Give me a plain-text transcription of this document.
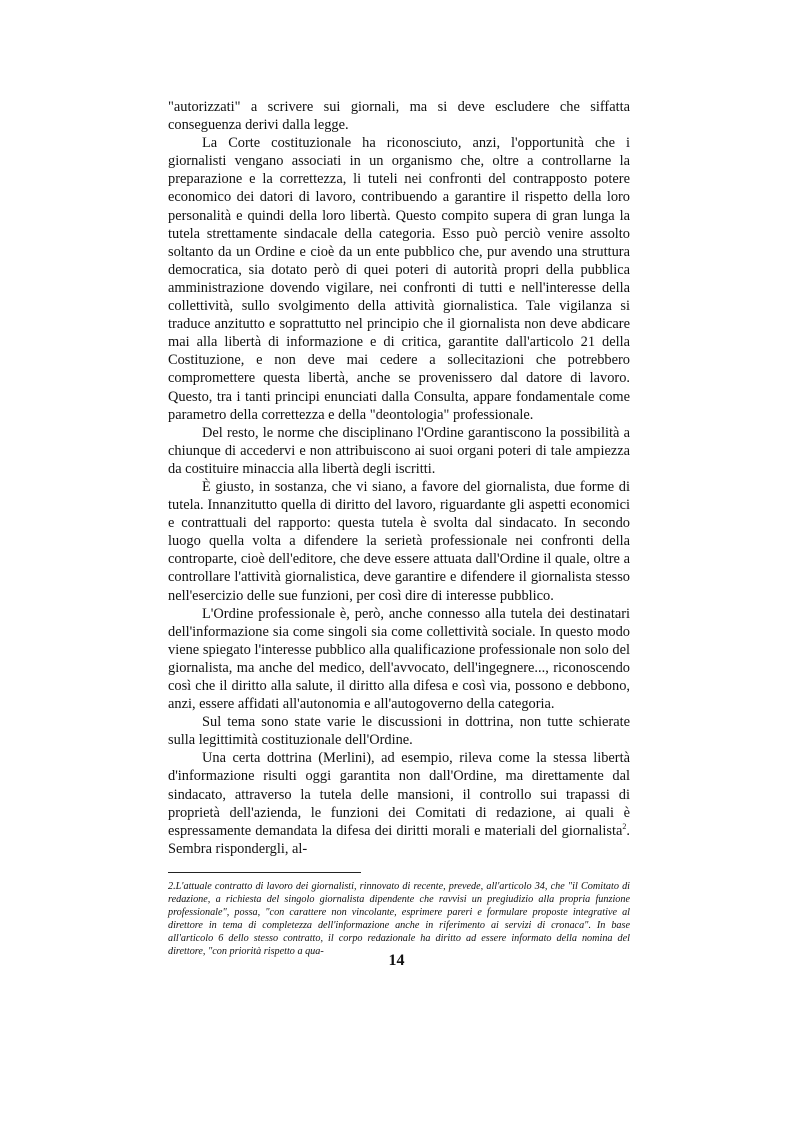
"autorizzati" a scrivere sui giornali, ma si deve escludere che siffatta conseguenza derivi dalla legge.

La Corte costituzionale ha riconosciuto, anzi, l'opportunità che i giornalisti vengano associati in un organismo che, oltre a controllarne la preparazione e la correttezza, li tuteli nei confronti del contrapposto potere economico dei datori di lavoro, contribuendo a garantire il rispetto della loro personalità e quindi della loro libertà. Questo compito supera di gran lunga la tutela strettamente sindacale della categoria. Esso può perciò venire assolto soltanto da un Ordine e cioè da un ente pubblico che, pur avendo una struttura democratica, sia dotato però di quei poteri di autorità propri della pubblica amministrazione dovendo vigilare, nei confronti di tutti e nell'interesse della collettività, sullo svolgimento della attività giornalistica. Tale vigilanza si traduce anzitutto e soprattutto nel principio che il giornalista non deve abdicare mai alla libertà di informazione e di critica, garantite dall'articolo 21 della Costituzione, e non deve mai cedere a sollecitazioni che potrebbero compromettere questa libertà, anche se provenissero dal datore di lavoro. Questo, tra i tanti principi enunciati dalla Consulta, appare fondamentale come parametro della correttezza e della "deontologia" professionale.

Del resto, le norme che disciplinano l'Ordine garantiscono la possibilità a chiunque di accedervi e non attribuiscono ai suoi organi poteri di tale ampiezza da costituire minaccia alla libertà degli iscritti.

È giusto, in sostanza, che vi siano, a favore del giornalista, due forme di tutela. Innanzitutto quella di diritto del lavoro, riguardante gli aspetti economici e contrattuali del rapporto: questa tutela è svolta dal sindacato. In secondo luogo quella volta a difendere la serietà professionale nei confronti della controparte, cioè dell'editore, che deve essere attuata dall'Ordine il quale, oltre a controllare l'attività giornalistica, deve garantire e difendere il giornalista stesso nell'esercizio delle sue funzioni, per così dire di interesse pubblico.

L'Ordine professionale è, però, anche connesso alla tutela dei destinatari dell'informazione sia come singoli sia come collettività sociale. In questo modo viene spiegato l'interesse pubblico alla qualificazione professionale non solo del giornalista, ma anche del medico, dell'avvocato, dell'ingegnere..., riconoscendo così che il diritto alla salute, il diritto alla difesa e così via, possono e debbono, anzi, essere affidati all'autonomia e all'autogoverno della categoria.

Sul tema sono state varie le discussioni in dottrina, non tutte schierate sulla legittimità costituzionale dell'Ordine.

Una certa dottrina (Merlini), ad esempio, rileva come la stessa libertà d'informazione risulti oggi garantita non dall'Ordine, ma direttamente dal sindacato, attraverso la tutela delle mansioni, il controllo sui trapassi di proprietà dell'azienda, le funzioni dei Comitati di redazione, ai quali è espressamente demandata la difesa dei diritti morali e materiali del giornalista$^2$. Sembra rispondergli, al-

2.L'attuale contratto di lavoro dei giornalisti, rinnovato di recente, prevede, all'articolo 34, che "il Comitato di redazione, a richiesta del singolo giornalista dipendente che ravvisi un pregiudizio alla propria funzione professionale", possa, "con carattere non vincolante, esprimere pareri e formulare proposte integrative al direttore in tema di completezza dell'informazione anche in riferimento ai servizi di cronaca". In base all'articolo 6 dello stesso contratto, il corpo redazionale ha diritto ad essere informato della nomina del direttore, "con priorità rispetto a qua-

14
